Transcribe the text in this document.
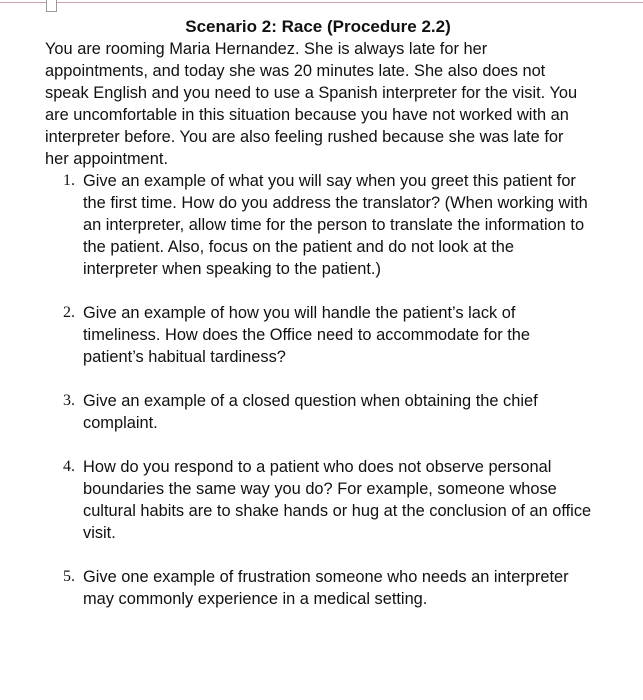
Scenario 2: Race (Procedure 2.2)

You are rooming Maria Hernandez. She is always late for her appointments, and today she was 20 minutes late. She also does not speak English and you need to use a Spanish interpreter for the visit. You are uncomfortable in this situation because you have not worked with an interpreter before. You are also feeling rushed because she was late for her appointment.

1. Give an example of what you will say when you greet this patient for the first time. How do you address the translator? (When working with an interpreter, allow time for the person to translate the information to the patient. Also, focus on the patient and do not look at the interpreter when speaking to the patient.)
2. Give an example of how you will handle the patient’s lack of timeliness. How does the Office need to accommodate for the patient’s habitual tardiness?
3. Give an example of a closed question when obtaining the chief complaint.
4. How do you respond to a patient who does not observe personal boundaries the same way you do? For example, someone whose cultural habits are to shake hands or hug at the conclusion of an office visit.
5. Give one example of frustration someone who needs an interpreter may commonly experience in a medical setting.
